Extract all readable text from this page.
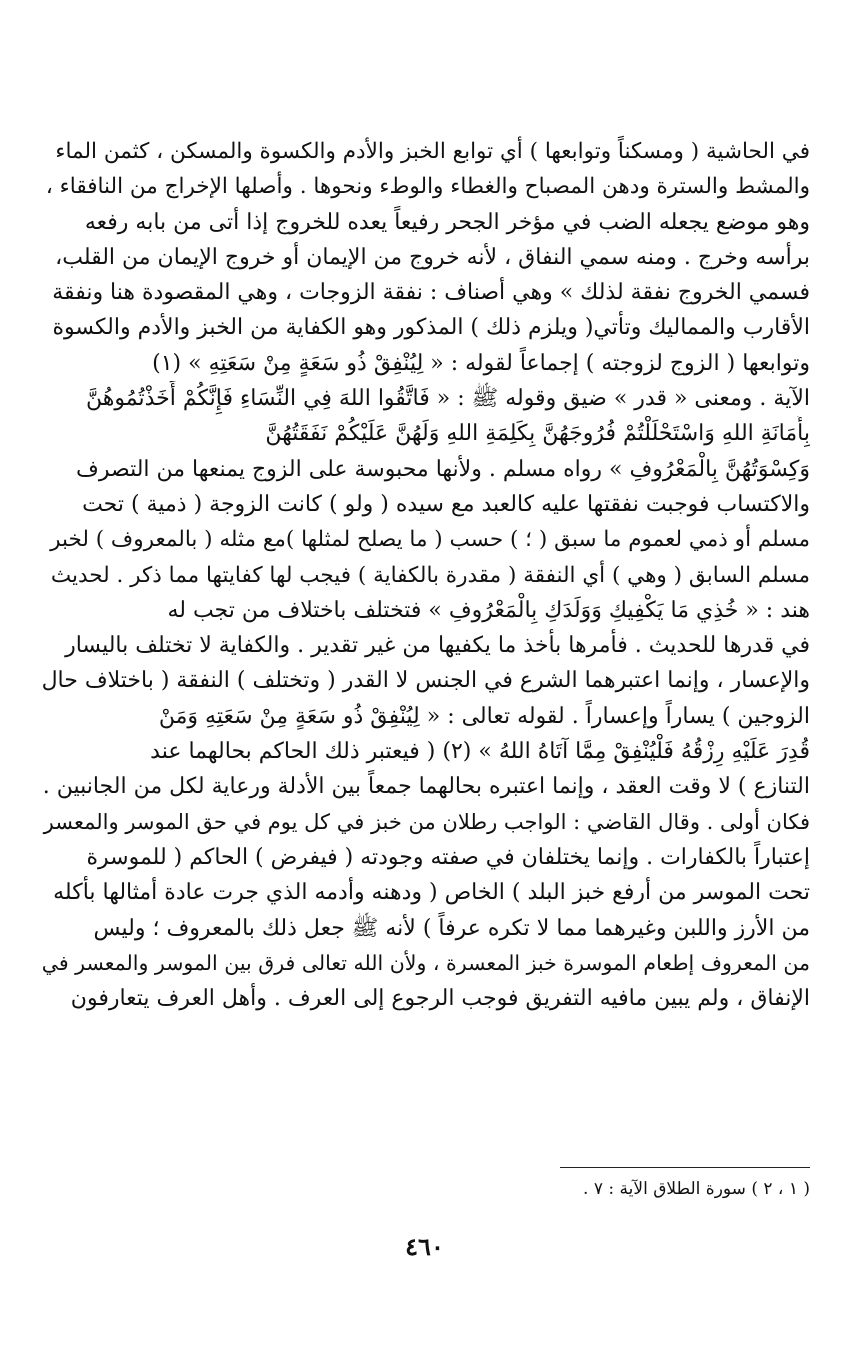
في الحاشية ( ومسكناً وتوابعها ) أي توابع الخبز والأدم والكسوة والمسكن ، كثمن الماء
والمشط والسترة ودهن المصباح والغطاء والوطء ونحوها . وأصلها الإخراج من النافقاء ،
وهو موضع يجعله الضب في مؤخر الجحر رفيعاً يعده للخروج إذا أتى من بابه رفعه
برأسه وخرج . ومنه سمي النفاق ، لأنه خروج من الإيمان أو خروج الإيمان من القلب،
فسمي الخروج نفقة لذلك » وهي أصناف : نفقة الزوجات ، وهي المقصودة هنا ونفقة
الأقارب والمماليك وتأتي( ويلزم ذلك ) المذكور وهو الكفاية من الخبز والأدم والكسوة
وتوابعها ( الزوج لزوجته ) إجماعاً لقوله : « لِيُنْفِقْ ذُو سَعَةٍ مِنْ سَعَتِهِ » (١)
الآية . ومعنى « قدر » ضيق وقوله ﷺ : « فَاتَّقُوا اللهَ فِي النِّسَاءِ فَإِنَّكُمْ أَخَذْتُمُوهُنَّ
بِأَمَانَةِ اللهِ وَاسْتَحْلَلْتُمْ فُرُوجَهُنَّ بِكَلِمَةِ اللهِ وَلَهُنَّ عَلَيْكُمْ نَفَقَتُهُنَّ
وَكِسْوَتُهُنَّ بِالْمَعْرُوفِ » رواه مسلم . ولأنها محبوسة على الزوج يمنعها من التصرف
والاكتساب فوجبت نفقتها عليه كالعبد مع سيده ( ولو ) كانت الزوجة ( ذمية ) تحت
مسلم أو ذمي لعموم ما سبق ( ؛ ) حسب ( ما يصلح لمثلها )مع مثله ( بالمعروف ) لخبر
مسلم السابق ( وهي ) أي النفقة ( مقدرة بالكفاية ) فيجب لها كفايتها مما ذكر . لحديث
هند : « خُذِي مَا يَكْفِيكِ وَوَلَدَكِ بِالْمَعْرُوفِ » فتختلف باختلاف من تجب له
في قدرها للحديث . فأمرها بأخذ ما يكفيها من غير تقدير . والكفاية لا تختلف باليسار
والإعسار ، وإنما اعتبرهما الشرع في الجنس لا القدر ( وتختلف ) النفقة ( باختلاف حال
الزوجين ) يساراً وإعساراً . لقوله تعالى : « لِيُنْفِقْ ذُو سَعَةٍ مِنْ سَعَتِهِ وَمَنْ
قُدِرَ عَلَيْهِ رِزْقُهُ فَلْيُنْفِقْ مِمَّا آتَاهُ اللهُ » (٢) ( فيعتبر ذلك الحاكم بحالهما عند
التنازع ) لا وقت العقد ، وإنما اعتبره بحالهما جمعاً بين الأدلة ورعاية لكل من الجانبين .
فكان أولى . وقال القاضي : الواجب رطلان من خبز في كل يوم في حق الموسر والمعسر
إعتباراً بالكفارات . وإنما يختلفان في صفته وجودته ( فيفرض ) الحاكم ( للموسرة
تحت الموسر من أرفع خبز البلد ) الخاص ( ودهنه وأدمه الذي جرت عادة أمثالها بأكله
من الأرز واللبن وغيرهما مما لا تكره عرفاً ) لأنه ﷺ جعل ذلك بالمعروف ؛ وليس
من المعروف إطعام الموسرة خبز المعسرة ، ولأن الله تعالى فرق بين الموسر والمعسر في
الإنفاق ، ولم يبين مافيه التفريق فوجب الرجوع إلى العرف . وأهل العرف يتعارفون
( ١ ، ٢ ) سورة الطلاق الآية : ٧ .
٤٦٠
